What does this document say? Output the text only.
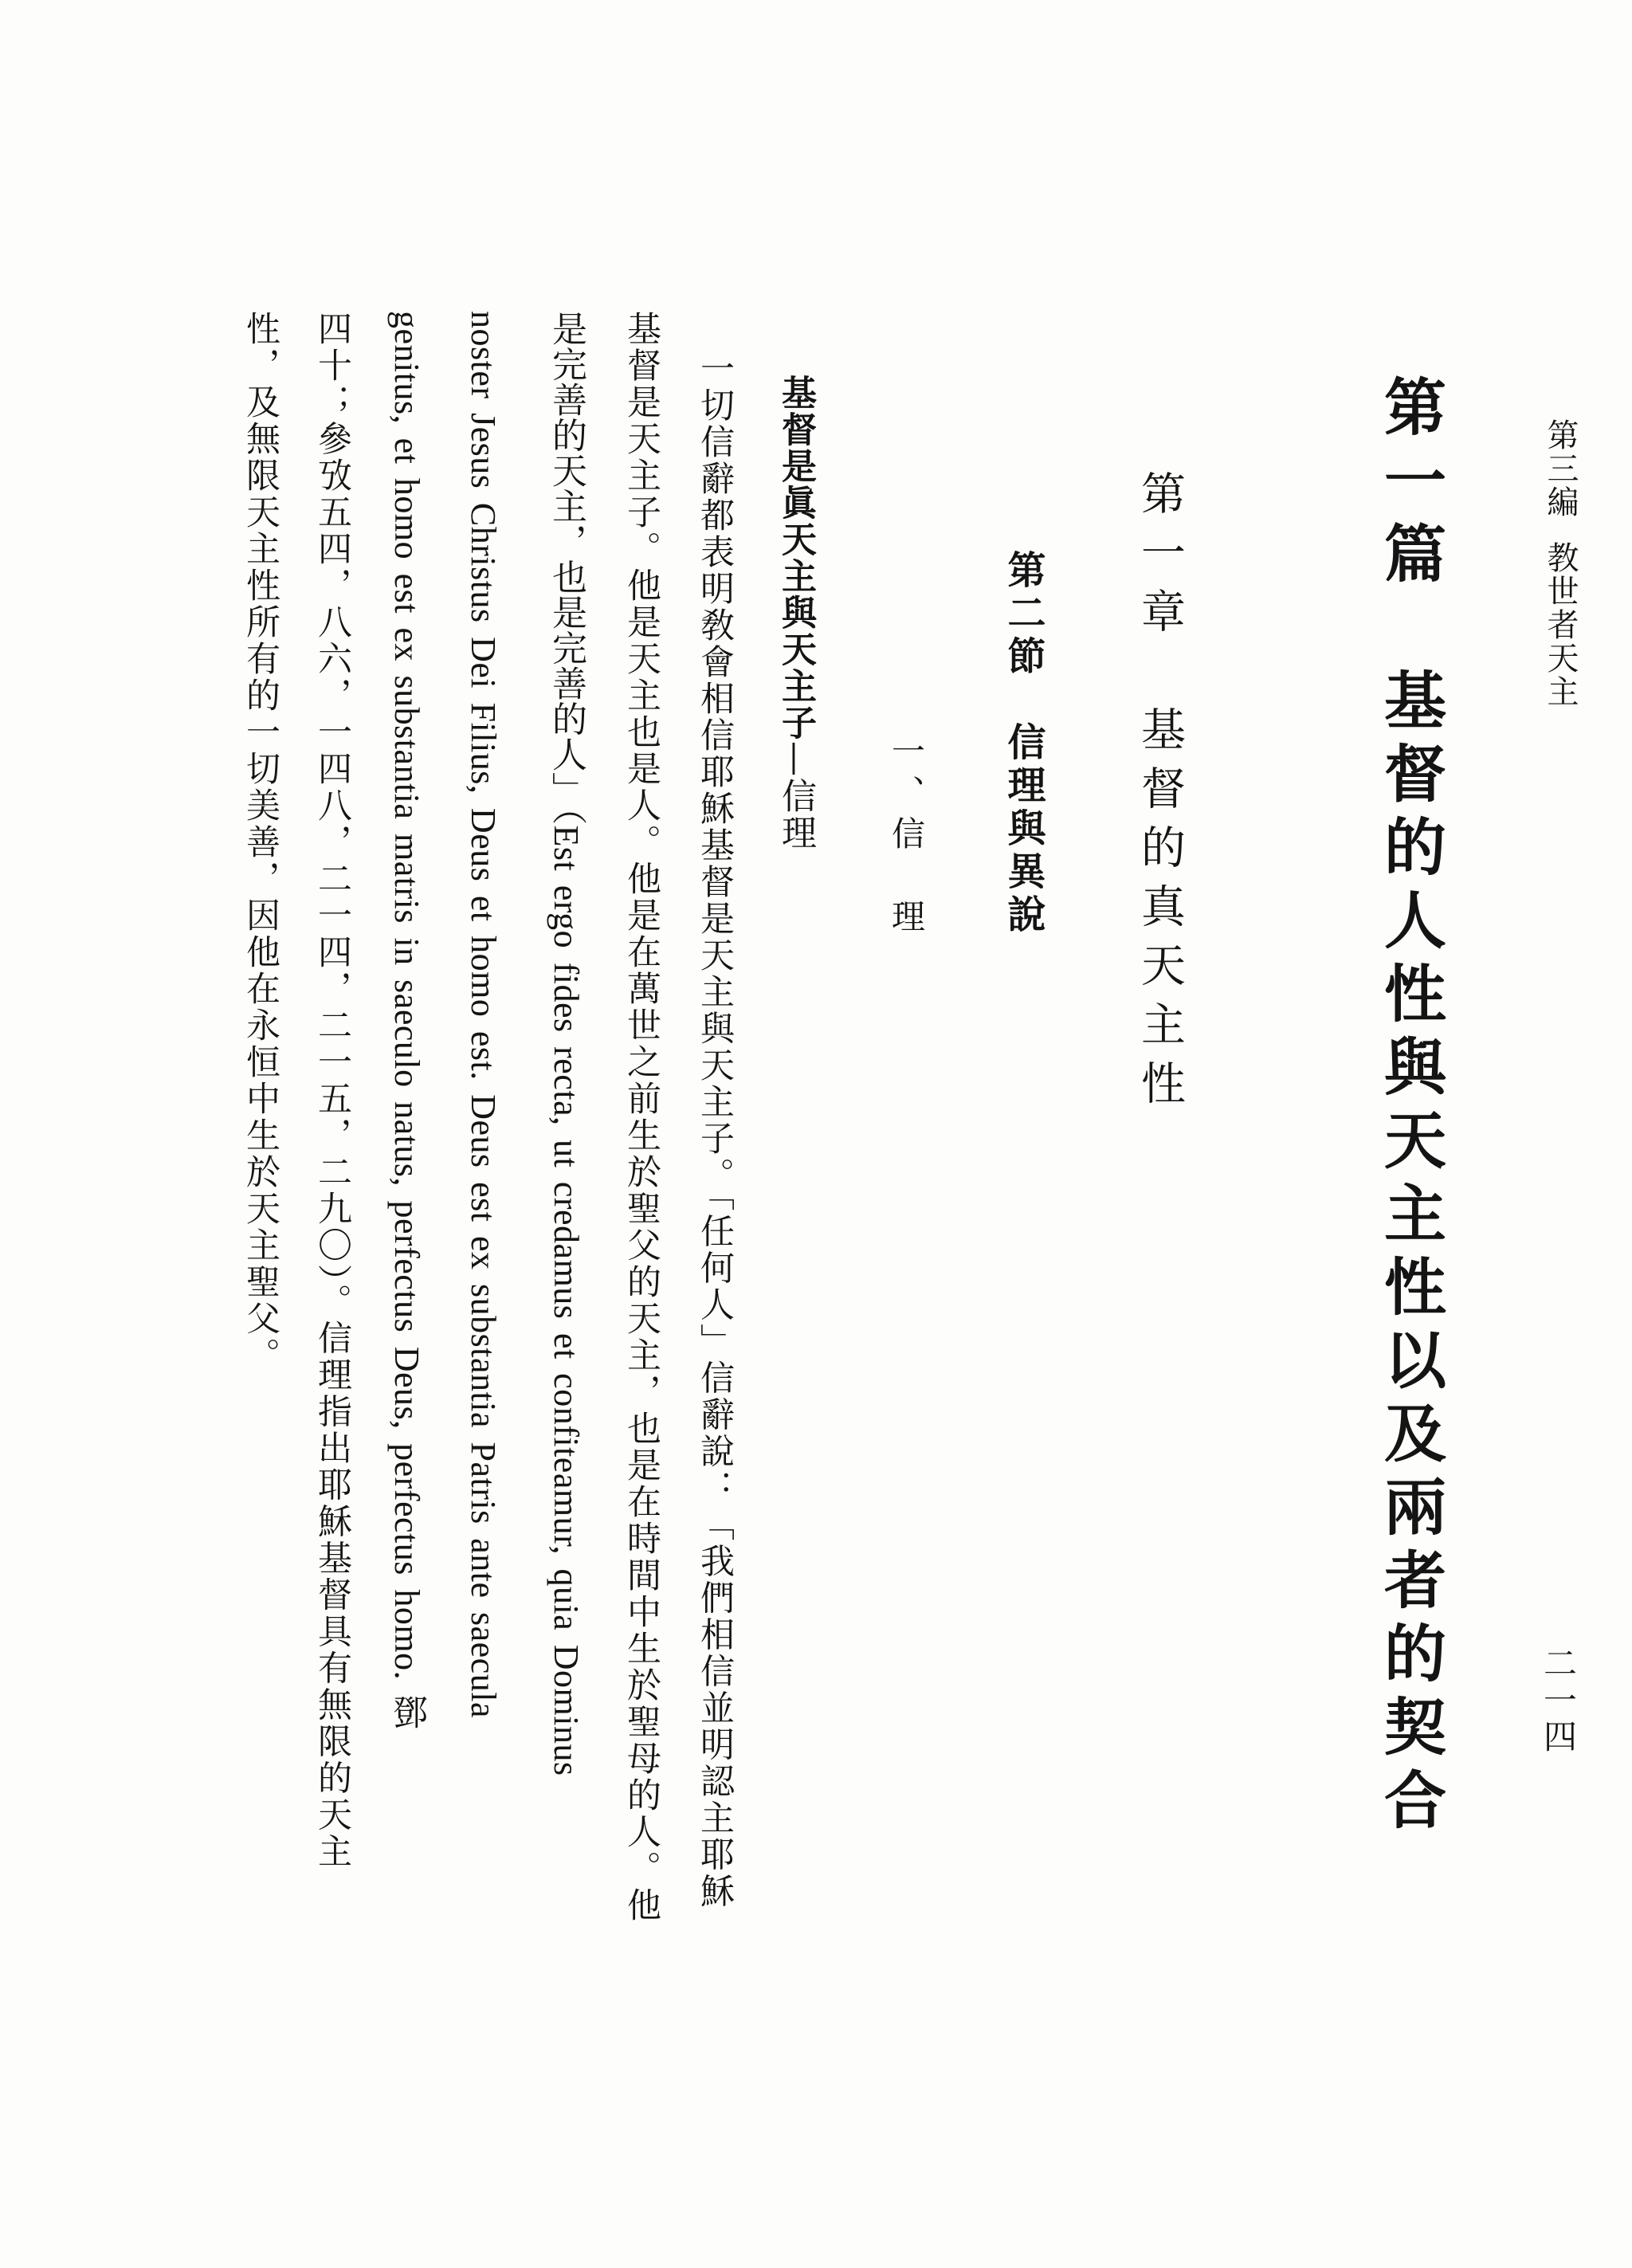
第三編教世者天主
二一四
第一篇　基督的人性與天主性以及兩者的契合
第一章　基督的真天主性
第二節　信理與異說
一、信　理
基督是眞天主與天主子—信理
一切信辭都表明敎會相信耶穌基督是天主與天主子。「任何人」信辭說：「我們相信並明認主耶穌
基督是天主子。他是天主也是人。他是在萬世之前生於聖父的天主，也是在時間中生於聖母的人。他
是完善的天主，也是完善的人」（Est ergo fides recta, ut credamus et confiteamur, quia Dominus
noster Jesus Christus Dei Filius, Deus et homo est. Deus est ex substantia Patris ante saecula
genitus, et homo est ex substantia matris in saeculo natus, perfectus Deus, perfectus homo. 鄧
四十；參攷五四，八六，一四八，二一四，二一五，二九〇）。信理指出耶穌基督具有無限的天主
性，及無限天主性所有的一切美善，因他在永恒中生於天主聖父。
